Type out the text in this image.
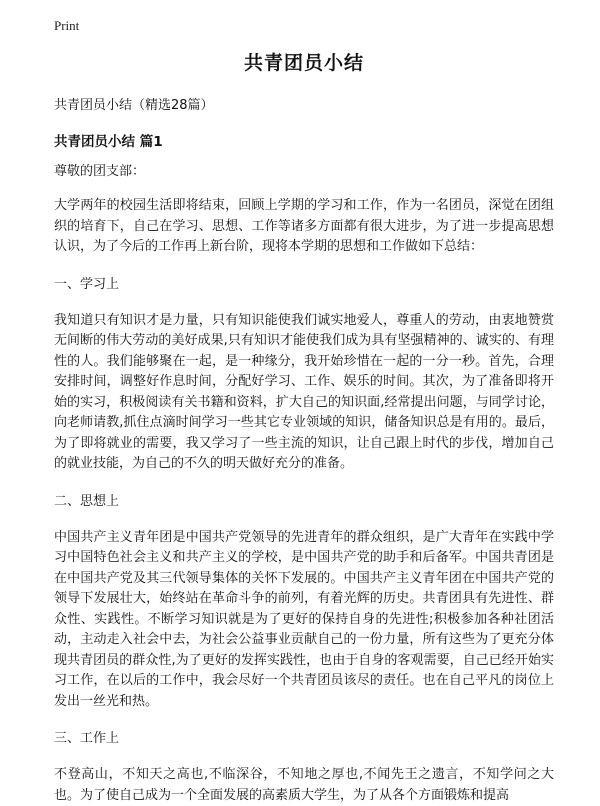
Print
共青团员小结
共青团员小结（精选28篇）
共青团员小结 篇1
尊敬的团支部：

大学两年的校园生活即将结束，回顾上学期的学习和工作，作为一名团员，深觉在团组织的培育下，自己在学习、思想、工作等诸多方面都有很大进步，为了进一步提高思想认识，为了今后的工作再上新台阶，现将本学期的思想和工作做如下总结：

一、学习上

我知道只有知识才是力量，只有知识能使我们诚实地爱人，尊重人的劳动，由衷地赞赏无间断的伟大劳动的美好成果,只有知识才能使我们成为具有坚强精神的、诚实的、有理性的人。我们能够聚在一起，是一种缘分，我开始珍惜在一起的一分一秒。首先，合理安排时间，调整好作息时间，分配好学习、工作、娱乐的时间。其次，为了准备即将开始的实习，积极阅读有关书籍和资料，扩大自己的知识面,经常提出问题，与同学讨论，向老师请教,抓住点滴时间学习一些其它专业领域的知识，储备知识总是有用的。最后，为了即将就业的需要，我又学习了一些主流的知识，让自己跟上时代的步伐，增加自己的就业技能，为自己的不久的明天做好充分的准备。

二、思想上

中国共产主义青年团是中国共产党领导的先进青年的群众组织，是广大青年在实践中学习中国特色社会主义和共产主义的学校，是中国共产党的助手和后备军。中国共青团是在中国共产党及其三代领导集体的关怀下发展的。中国共产主义青年团在中国共产党的领导下发展壮大，始终站在革命斗争的前列，有着光辉的历史。共青团具有先进性、群众性、实践性。不断学习知识就是为了更好的保持自身的先进性;积极参加各种社团活动，主动走入社会中去，为社会公益事业贡献自己的一份力量，所有这些为了更充分体现共青团员的群众性,为了更好的发挥实践性，也由于自身的客观需要，自己已经开始实习工作，在以后的工作中，我会尽好一个共青团员该尽的责任。也在自己平凡的岗位上发出一丝光和热。

三、工作上

不登高山，不知天之高也,不临深谷，不知地之厚也,不闻先王之遗言，不知学问之大也。为了使自己成为一个全面发展的高素质大学生，为了从各个方面锻炼和提高
